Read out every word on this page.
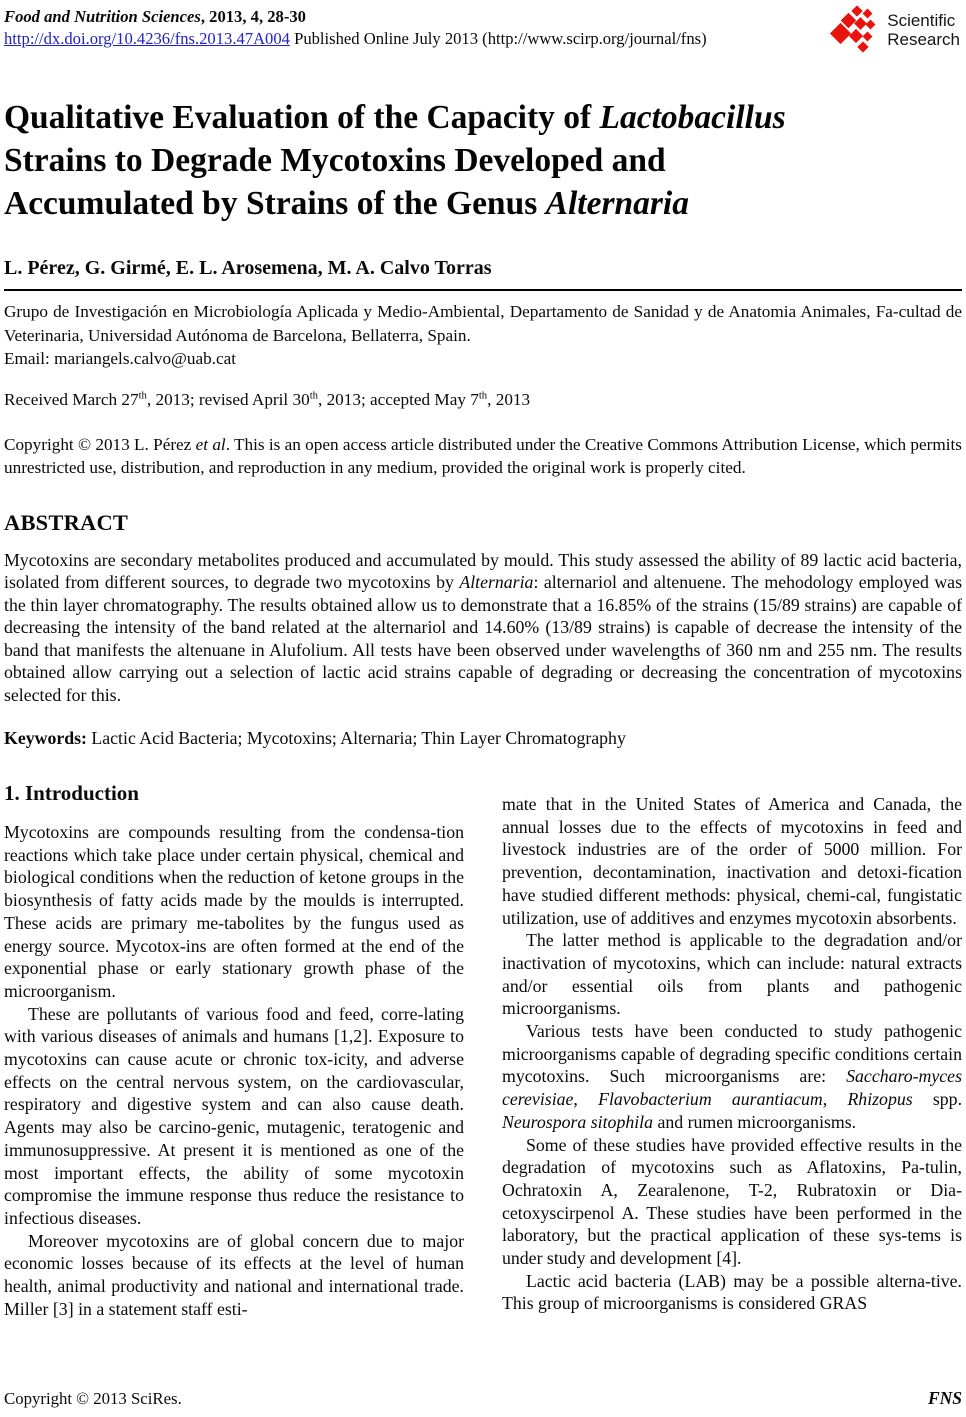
Food and Nutrition Sciences, 2013, 4, 28-30
http://dx.doi.org/10.4236/fns.2013.47A004 Published Online July 2013 (http://www.scirp.org/journal/fns)
Scientific
Research
Qualitative Evaluation of the Capacity of Lactobacillus
Strains to Degrade Mycotoxins Developed and
Accumulated by Strains of the Genus Alternaria
L. Pérez, G. Girmé, E. L. Arosemena, M. A. Calvo Torras
Grupo de Investigación en Microbiología Aplicada y Medio-Ambiental, Departamento de Sanidad y de Anatomia Animales, Fa-cultad de Veterinaria, Universidad Autónoma de Barcelona, Bellaterra, Spain.
Email: mariangels.calvo@uab.cat
Received March 27th, 2013; revised April 30th, 2013; accepted May 7th, 2013
Copyright © 2013 L. Pérez et al. This is an open access article distributed under the Creative Commons Attribution License, which permits unrestricted use, distribution, and reproduction in any medium, provided the original work is properly cited.
ABSTRACT

Mycotoxins are secondary metabolites produced and accumulated by mould. This study assessed the ability of 89 lactic acid bacteria, isolated from different sources, to degrade two mycotoxins by Alternaria: alternariol and altenuene. The mehodology employed was the thin layer chromatography. The results obtained allow us to demonstrate that a 16.85% of the strains (15/89 strains) are capable of decreasing the intensity of the band related at the alternariol and 14.60% (13/89 strains) is capable of decrease the intensity of the band that manifests the altenuane in Alufolium. All tests have been observed under wavelengths of 360 nm and 255 nm. The results obtained allow carrying out a selection of lactic acid strains capable of degrading or decreasing the concentration of mycotoxins selected for this.

Keywords: Lactic Acid Bacteria; Mycotoxins; Alternaria; Thin Layer Chromatography

1. Introduction

Mycotoxins are compounds resulting from the condensa-tion reactions which take place under certain physical, chemical and biological conditions when the reduction of ketone groups in the biosynthesis of fatty acids made by the moulds is interrupted. These acids are primary me-tabolites by the fungus used as energy source. Mycotox-ins are often formed at the end of the exponential phase or early stationary growth phase of the microorganism.

These are pollutants of various food and feed, corre-lating with various diseases of animals and humans [1,2]. Exposure to mycotoxins can cause acute or chronic tox-icity, and adverse effects on the central nervous system, on the cardiovascular, respiratory and digestive system and can also cause death. Agents may also be carcino-genic, mutagenic, teratogenic and immunosuppressive. At present it is mentioned as one of the most important effects, the ability of some mycotoxin compromise the immune response thus reduce the resistance to infectious diseases.

Moreover mycotoxins are of global concern due to major economic losses because of its effects at the level of human health, animal productivity and national and international trade. Miller [3] in a statement staff esti-

mate that in the United States of America and Canada, the annual losses due to the effects of mycotoxins in feed and livestock industries are of the order of 5000 million. For prevention, decontamination, inactivation and detoxi-fication have studied different methods: physical, chemi-cal, fungistatic utilization, use of additives and enzymes mycotoxin absorbents.

The latter method is applicable to the degradation and/or inactivation of mycotoxins, which can include: natural extracts and/or essential oils from plants and pathogenic microorganisms.

Various tests have been conducted to study pathogenic microorganisms capable of degrading specific conditions certain mycotoxins. Such microorganisms are: Saccharo-myces cerevisiae, Flavobacterium aurantiacum, Rhizopus spp. Neurospora sitophila and rumen microorganisms.

Some of these studies have provided effective results in the degradation of mycotoxins such as Aflatoxins, Pa-tulin, Ochratoxin A, Zearalenone, T-2, Rubratoxin or Dia-cetoxyscirpenol A. These studies have been performed in the laboratory, but the practical application of these sys-tems is under study and development [4].

Lactic acid bacteria (LAB) may be a possible alterna-tive. This group of microorganisms is considered GRAS

Copyright © 2013 SciRes.	FNS
